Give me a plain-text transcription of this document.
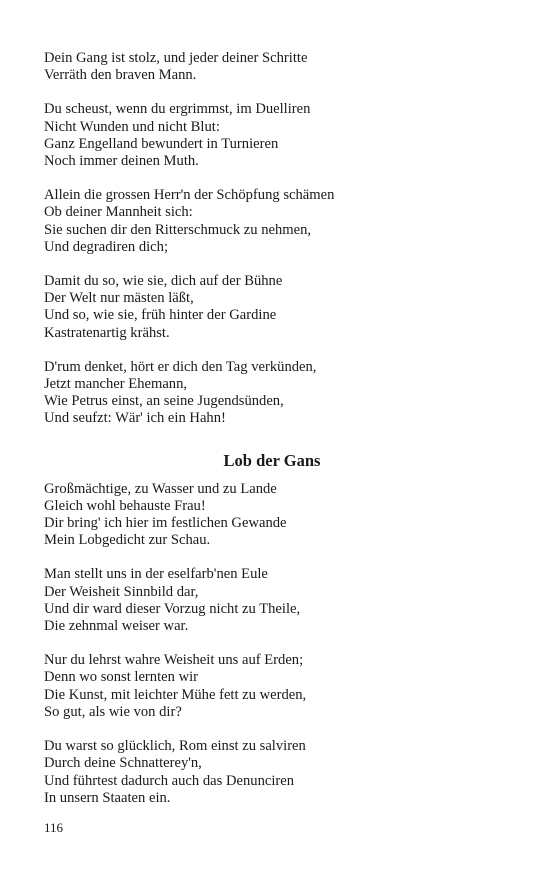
Dein Gang ist stolz, und jeder deiner Schritte
Verräth den braven Mann.
Du scheust, wenn du ergrimmst, im Duelliren
Nicht Wunden und nicht Blut:
Ganz Engelland bewundert in Turnieren
Noch immer deinen Muth.
Allein die grossen Herr'n der Schöpfung schämen
Ob deiner Mannheit sich:
Sie suchen dir den Ritterschmuck zu nehmen,
Und degradiren dich;
Damit du so, wie sie, dich auf der Bühne
Der Welt nur mästen läßt,
Und so, wie sie, früh hinter der Gardine
Kastratenartig krähst.
D'rum denket, hört er dich den Tag verkünden,
Jetzt mancher Ehemann,
Wie Petrus einst, an seine Jugendsünden,
Und seufzt: Wär' ich ein Hahn!
Lob der Gans
Großmächtige, zu Wasser und zu Lande
Gleich wohl behauste Frau!
Dir bring' ich hier im festlichen Gewande
Mein Lobgedicht zur Schau.
Man stellt uns in der eselfarb'nen Eule
Der Weisheit Sinnbild dar,
Und dir ward dieser Vorzug nicht zu Theile,
Die zehnmal weiser war.
Nur du lehrst wahre Weisheit uns auf Erden;
Denn wo sonst lernten wir
Die Kunst, mit leichter Mühe fett zu werden,
So gut, als wie von dir?
Du warst so glücklich, Rom einst zu salviren
Durch deine Schnatterey'n,
Und führtest dadurch auch das Denunciren
In unsern Staaten ein.
116
